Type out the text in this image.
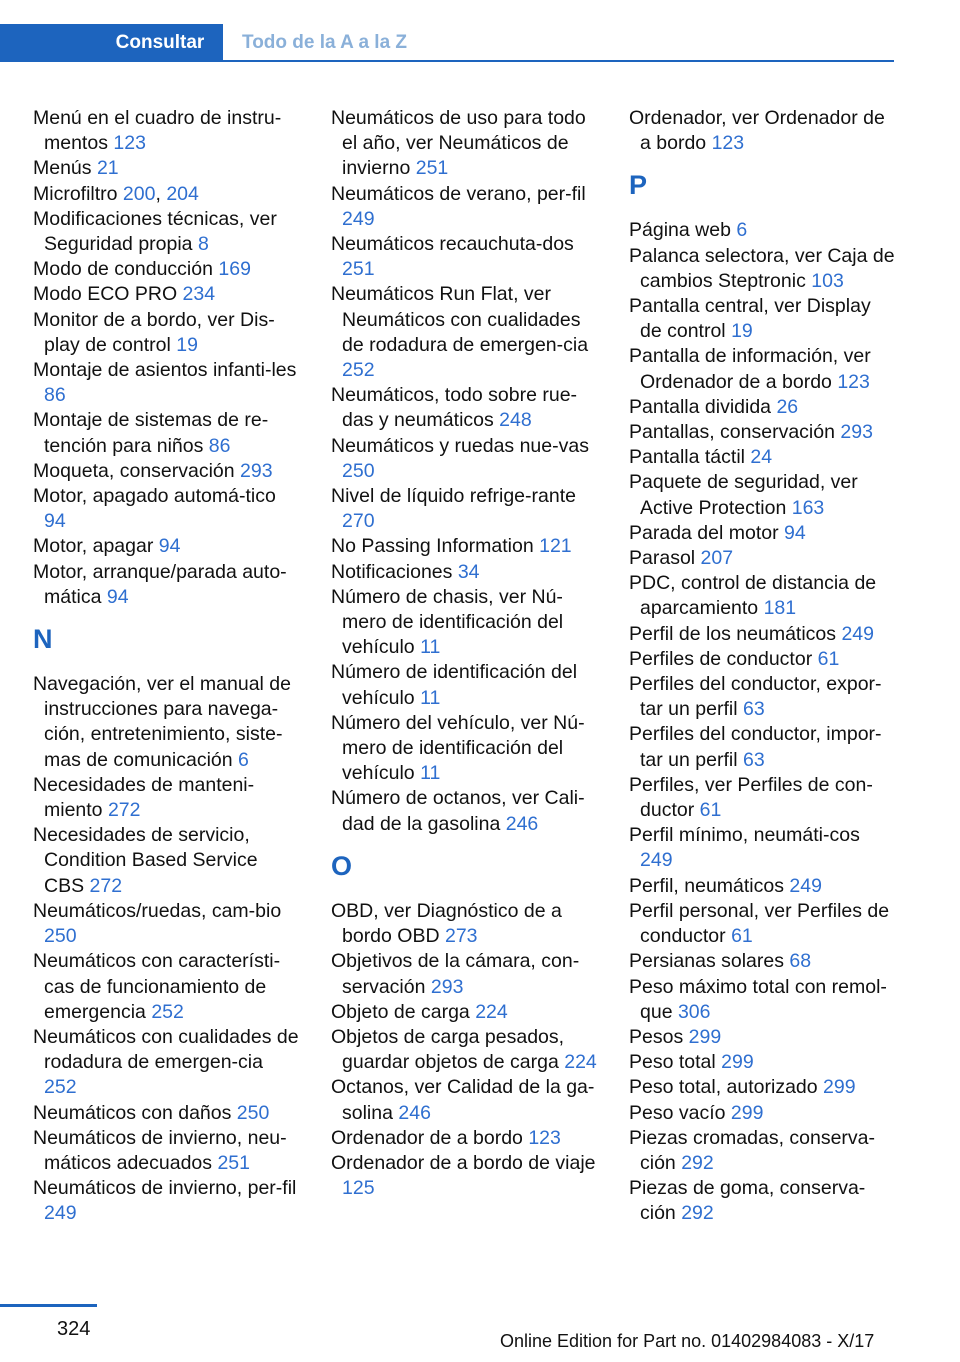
Consultar	Todo de la A a la Z

Menú en el cuadro de instru-mentos 123

Menús 21

Microfiltro 200, 204

Modificaciones técnicas, ver Seguridad propia 8

Modo de conducción 169

Modo ECO PRO 234

Monitor de a bordo, ver Dis-play de control 19

Montaje de asientos infanti-les 86

Montaje de sistemas de re-tención para niños 86

Moqueta, conservación 293

Motor, apagado automá-tico 94

Motor, apagar 94

Motor, arranque/parada auto-mática 94

N

Navegación, ver el manual de instrucciones para navega-ción, entretenimiento, siste-mas de comunicación 6

Necesidades de manteni-miento 272

Necesidades de servicio, Condition Based Service CBS 272

Neumáticos/ruedas, cam-bio 250

Neumáticos con característi-cas de funcionamiento de emergencia 252

Neumáticos con cualidades de rodadura de emergen-cia 252

Neumáticos con daños 250

Neumáticos de invierno, neu-máticos adecuados 251

Neumáticos de invierno, per-fil 249

Neumáticos de uso para todo el año, ver Neumáticos de invierno 251

Neumáticos de verano, per-fil 249

Neumáticos recauchuta-dos 251

Neumáticos Run Flat, ver Neumáticos con cualidades de rodadura de emergen-cia 252

Neumáticos, todo sobre rue-das y neumáticos 248

Neumáticos y ruedas nue-vas 250

Nivel de líquido refrige-rante 270

No Passing Information 121

Notificaciones 34

Número de chasis, ver Nú-mero de identificación del vehículo 11

Número de identificación del vehículo 11

Número del vehículo, ver Nú-mero de identificación del vehículo 11

Número de octanos, ver Cali-dad de la gasolina 246

O

OBD, ver Diagnóstico de a bordo OBD 273

Objetivos de la cámara, con-servación 293

Objeto de carga 224

Objetos de carga pesados, guardar objetos de carga 224

Octanos, ver Calidad de la ga-solina 246

Ordenador de a bordo 123

Ordenador de a bordo de viaje 125

Ordenador, ver Ordenador de a bordo 123

P

Página web 6

Palanca selectora, ver Caja de cambios Steptronic 103

Pantalla central, ver Display de control 19

Pantalla de información, ver Ordenador de a bordo 123

Pantalla dividida 26

Pantallas, conservación 293

Pantalla táctil 24

Paquete de seguridad, ver Active Protection 163

Parada del motor 94

Parasol 207

PDC, control de distancia de aparcamiento 181

Perfil de los neumáticos 249

Perfiles de conductor 61

Perfiles del conductor, expor-tar un perfil 63

Perfiles del conductor, impor-tar un perfil 63

Perfiles, ver Perfiles de con-ductor 61

Perfil mínimo, neumáti-cos 249

Perfil, neumáticos 249

Perfil personal, ver Perfiles de conductor 61

Persianas solares 68

Peso máximo total con remol-que 306

Pesos 299

Peso total 299

Peso total, autorizado 299

Peso vacío 299

Piezas cromadas, conserva-ción 292

Piezas de goma, conserva-ción 292

324
Online Edition for Part no. 01402984083 - X/17
